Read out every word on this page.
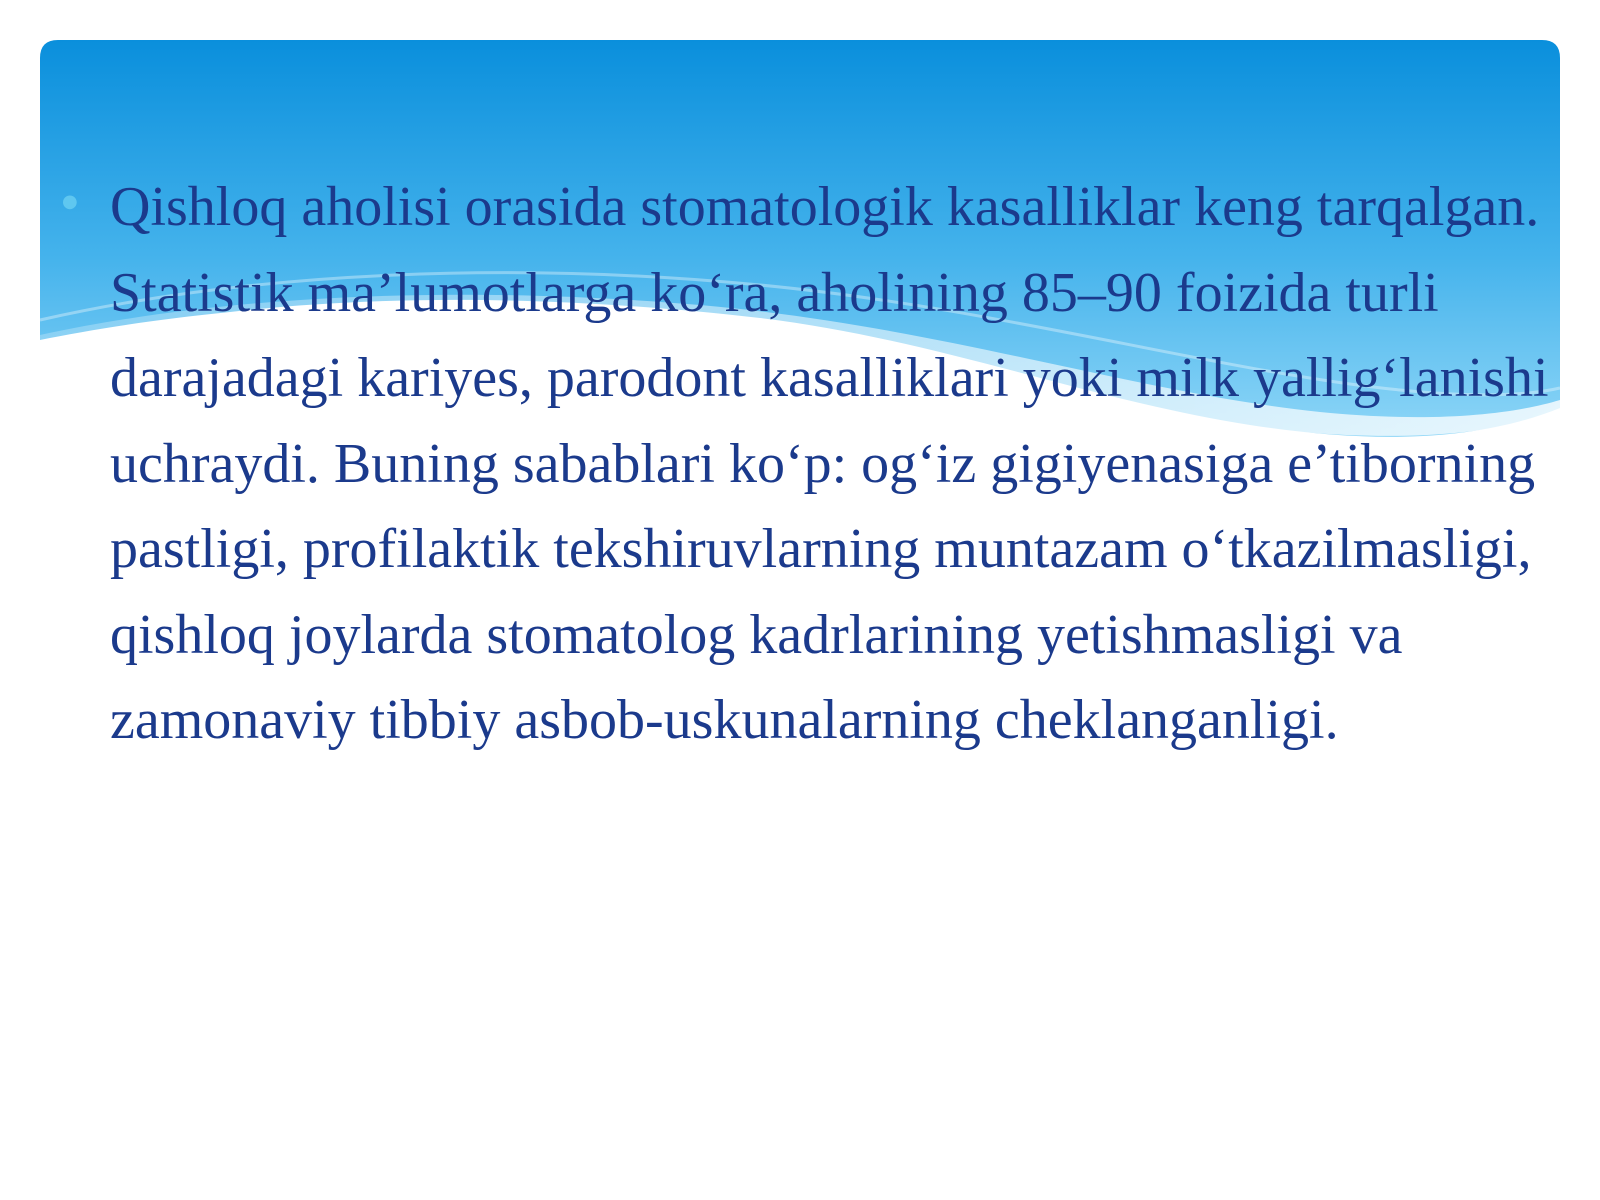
● Qishloq aholisi orasida stomatologik kasalliklar keng tarqalgan. Statistik ma’lumotlarga ko‘ra, aholining 85–90 foizida turli darajadagi kariyes, parodont kasalliklari yoki milk yallig‘lanishi uchraydi. Buning sabablari ko‘p: og‘iz gigiyenasiga e’tiborning pastligi, profilaktik tekshiruvlarning muntazam o‘tkazilmasligi, qishloq joylarda stomatolog kadrlarining yetishmasligi va zamonaviy tibbiy asbob-uskunalarning cheklanganligi.
